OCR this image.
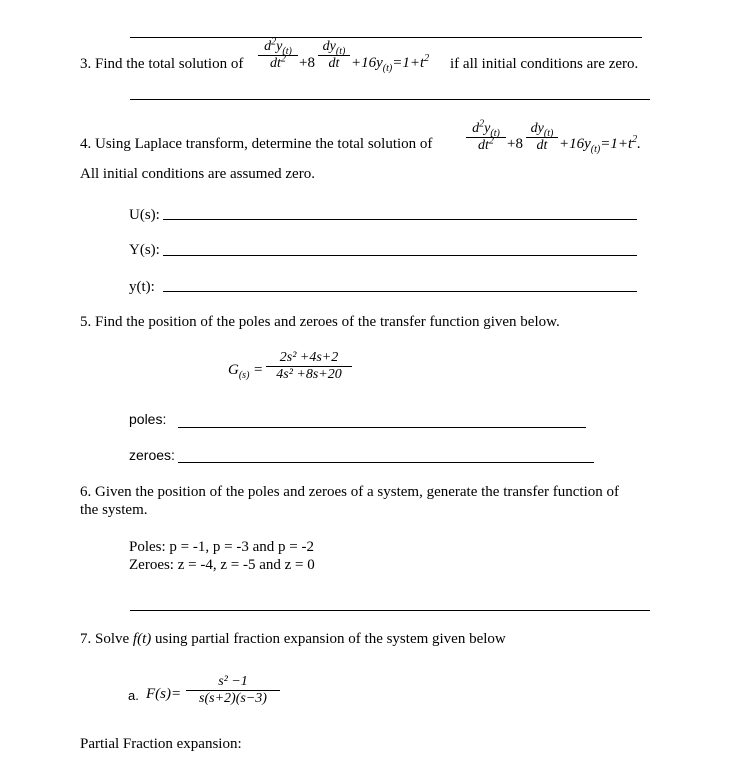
3. Find the total solution of
$d^2y_{(t)}$
$dt^2 +8$
$dy_{(t)}$
dt $+16y_{(t)}=1+t^2$ if all initial conditions are zero.
4. Using Laplace transform, determine the total solution of
$d^2y_{(t)}$
$dt^2 +8$
$dy_{(t)}$
dt $+16y_{(t)}=1+t^2$.
All initial conditions are assumed zero.
U(s):
Y(s):
y(t):
5. Find the position of the poles and zeroes of the transfer function given below.
$G_{(s)}$ =
2s² +4s+2
4s² +8s+20
poles:
zeroes:
6. Given the position of the poles and zeroes of a system, generate the transfer function of
the system.
Poles: p = -1, p = -3 and p = -2
Zeroes: z = -4, z = -5 and z = 0
7. Solve f(t) using partial fraction expansion of the system given below
a. F(s)=
s² −1
s(s+2)(s−3)
Partial Fraction expansion:
